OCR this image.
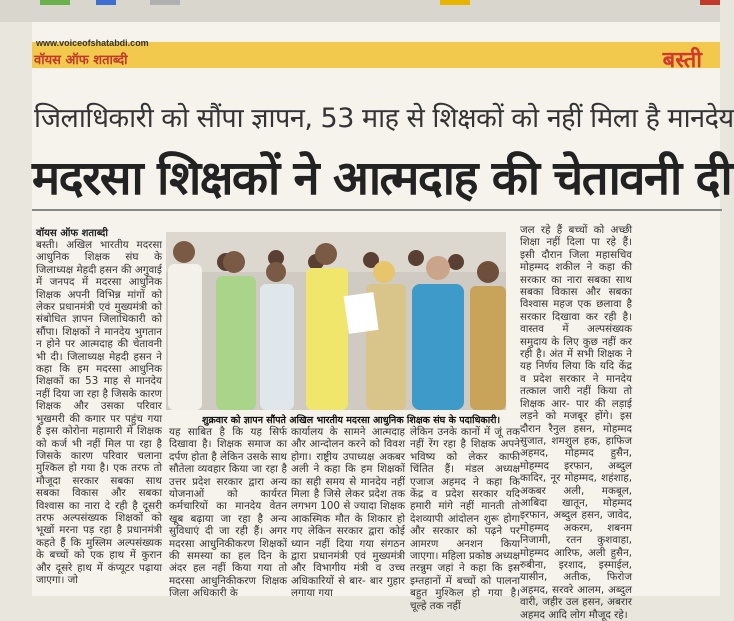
www.voiceofshatabdi.com
वॉयस ऑफ शताब्दी	बस्ती
जिलाधिकारी को सौंपा ज्ञापन, 53 माह से शिक्षकों को नहीं मिला है मानदेय
मदरसा शिक्षकों ने आत्मदाह की चेतावनी दी
वॉयस ऑफ शताब्दी

बस्ती। अखिल भारतीय मदरसा आधुनिक शिक्षक संघ के जिलाध्यक्ष मेहदी हसन की अगुवाई में जनपद में मदरसा आधुनिक शिक्षक अपनी विभिन्न मांगों को लेकर प्रधानमंत्री एवं मुख्यमंत्री को संबोधित ज्ञापन जिलाधिकारी को सौंपा। शिक्षकों ने मानदेय भुगतान न होने पर आत्मदाह की चेतावनी भी दी। जिलाध्यक्ष मेहदी हसन ने कहा कि हम मदरसा आधुनिक शिक्षकों का 53 माह से मानदेय नहीं दिया जा रहा है जिसके कारण शिक्षक और उसका परिवार भुखमरी की कगार पर पहुंच गया है इस कोरोना महामारी में शिक्षक को कर्ज भी नहीं मिल पा रहा है जिसके कारण परिवार चलाना मुश्किल हो गया है। एक तरफ तो मौजूदा सरकार सबका साथ सबका विकास और सबका विश्वास का नारा दे रही है दूसरी तरफ अल्पसंख्यक शिक्षकों को भूखों मरना पड़ रहा है प्रधानमंत्री कहते हैं कि मुस्लिम अल्पसंख्यक के बच्चों को एक हाथ में कुरान और दूसरे हाथ में कंप्यूटर पढ़ाया जाएगा। जो

शुक्रवार को ज्ञापन सौंपते अखिल भारतीय मदरसा आधुनिक शिक्षक संघ के पदाधिकारी।

यह साबित है कि यह सिर्फ दिखावा है। शिक्षक समाज का दर्पण होता है लेकिन उसके साथ सौतेला व्यवहार किया जा रहा है उत्तर प्रदेश सरकार द्वारा अन्य योजनाओं को कार्यरत कर्मचारियों का मानदेय वेतन खूब बढ़ाया जा रहा है अन्य सुविधाएं दी जा रही हैं। अगर मदरसा आधुनिकीकरण शिक्षकों की समस्या का हल दिन के अंदर हल नहीं किया गया तो मदरसा आधुनिकीकरण शिक्षक जिला अधिकारी के

कार्यालय के सामने आत्मदाह और आन्दोलन करने को विवश होगा। राष्ट्रीय उपाध्यक्ष अकबर अली ने कहा कि हम शिक्षकों का सही समय से मानदेय नहीं मिला है जिसे लेकर प्रदेश तक लगभग 100 से ज्यादा शिक्षक आकस्मिक मौत के शिकार हो गए लेकिन सरकार द्वारा कोई ध्यान नहीं दिया गया संगठन द्वारा प्रधानमंत्री एवं मुख्यमंत्री और विभागीय मंत्री व उच्च अधिकारियों से बार- बार गुहार लगाया गया

लेकिन उनके कानों में जूं तक नहीं रेंग रहा है शिक्षक अपने भविष्य को लेकर काफी चिंतित हैं। मंडल अध्यक्ष एजाज अहमद ने कहा कि केंद्र व प्रदेश सरकार यदि हमारी मांगे नहीं मानती तो देशव्यापी आंदोलन शुरू होगा और सरकार को पढ़ने पर आमरण अनशन किया जाएगा। महिला प्रकोष्ठ अध्यक्ष तरन्नुम जहां ने कहा कि इस इम्तहानों में बच्चों को पालना बहुत मुश्किल हो गया है। चूल्हे तक नहीं

जल रहे हैं बच्चों को अच्छी शिक्षा नहीं दिला पा रहे हैं। इसी दौरान जिला महासचिव मोहम्मद शकील ने कहा की सरकार का नारा सबका साथ सबका विकास और सबका विश्वास महज एक छलावा है सरकार दिखावा कर रही है। वास्तव में अल्पसंख्यक समुदाय के लिए कुछ नहीं कर रही है। अंत में सभी शिक्षक ने यह निर्णय लिया कि यदि केंद्र व प्रदेश सरकार ने मानदेय तत्काल जारी नहीं किया तो शिक्षक आर- पार की लड़ाई लड़ने को मजबूर होंगे। इस दौरान रैनुल हसन, मोहम्मद सुजात, शमशुल हक, हाफिज अहमद, मोहम्मद हुसैन, मोहम्मद इरफान, अब्दुल कादिर, नूर मोहम्मद, शहंशाह, अकबर अली, मकबूल, आबिदा खातून, मोहम्मद इरफान, अब्दुल हसन, जावेद, मोहम्मद अकरम, शबनम निजामी, रतन कुशवाहा, मोहम्मद आरिफ, अली हुसैन, रुबीना, इरशाद, इस्माईल, यासीन, अतीक, फिरोज अहमद, सरवरे आलम, अब्दुल वारी, जहीर उल हसन, अबरार अहमद आदि लोग मौजूद रहे।
